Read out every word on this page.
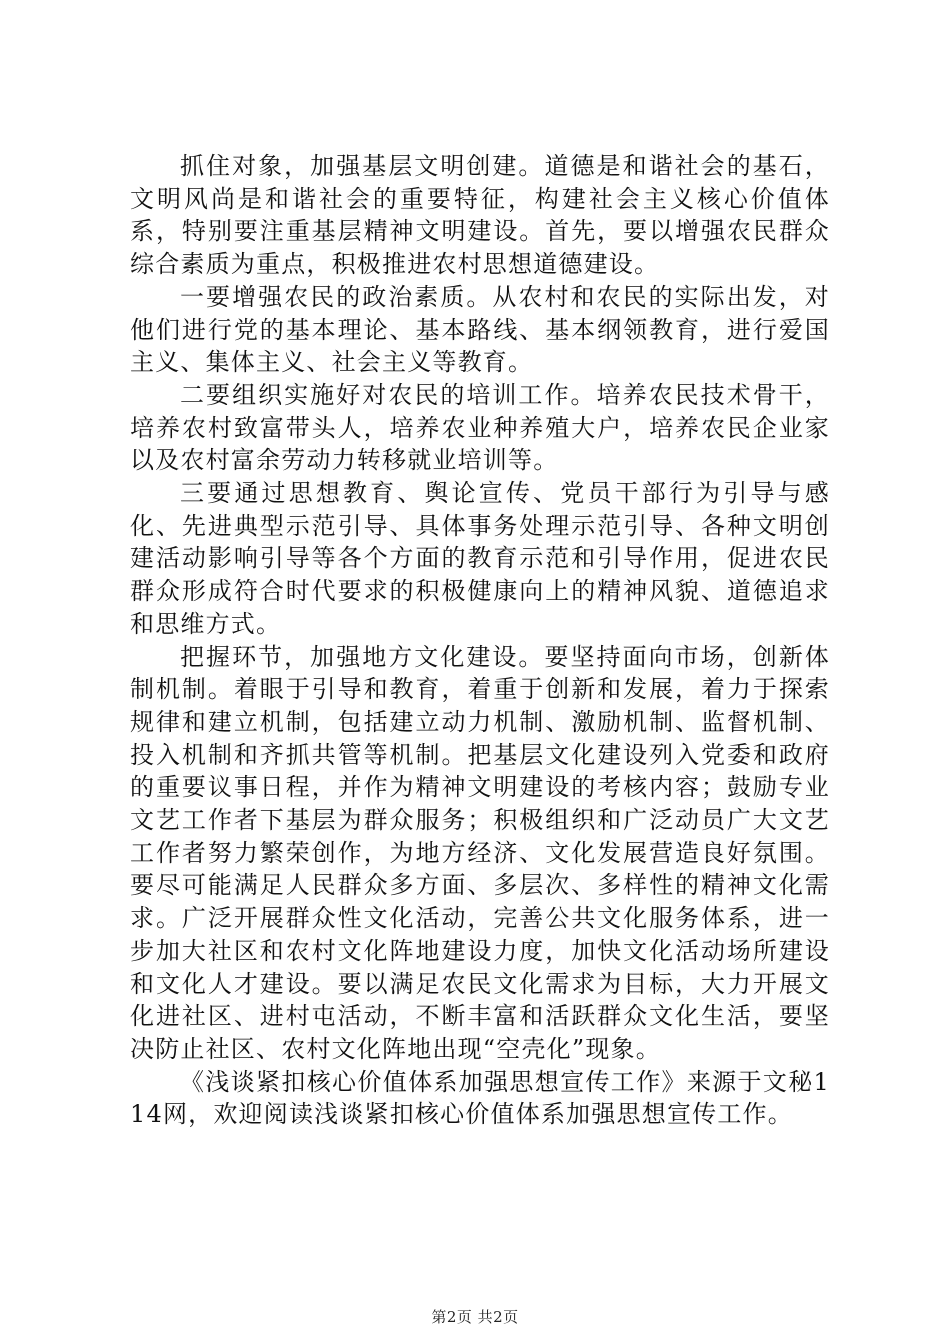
抓住对象，加强基层文明创建。道德是和谐社会的基石，文明风尚是和谐社会的重要特征，构建社会主义核心价值体系，特别要注重基层精神文明建设。首先，要以增强农民群众综合素质为重点，积极推进农村思想道德建设。

一要增强农民的政治素质。从农村和农民的实际出发，对他们进行党的基本理论、基本路线、基本纲领教育，进行爱国主义、集体主义、社会主义等教育。

二要组织实施好对农民的培训工作。培养农民技术骨干，培养农村致富带头人，培养农业种养殖大户，培养农民企业家以及农村富余劳动力转移就业培训等。

三要通过思想教育、舆论宣传、党员干部行为引导与感化、先进典型示范引导、具体事务处理示范引导、各种文明创建活动影响引导等各个方面的教育示范和引导作用，促进农民群众形成符合时代要求的积极健康向上的精神风貌、道德追求和思维方式。

把握环节，加强地方文化建设。要坚持面向市场，创新体制机制。着眼于引导和教育，着重于创新和发展，着力于探索规律和建立机制，包括建立动力机制、激励机制、监督机制、投入机制和齐抓共管等机制。把基层文化建设列入党委和政府的重要议事日程，并作为精神文明建设的考核内容；鼓励专业文艺工作者下基层为群众服务；积极组织和广泛动员广大文艺工作者努力繁荣创作，为地方经济、文化发展营造良好氛围。要尽可能满足人民群众多方面、多层次、多样性的精神文化需求。广泛开展群众性文化活动，完善公共文化服务体系，进一步加大社区和农村文化阵地建设力度，加快文化活动场所建设和文化人才建设。要以满足农民文化需求为目标，大力开展文化进社区、进村屯活动，不断丰富和活跃群众文化生活，要坚决防止社区、农村文化阵地出现“空壳化”现象。

《浅谈紧扣核心价值体系加强思想宣传工作》来源于文秘114网，欢迎阅读浅谈紧扣核心价值体系加强思想宣传工作。

第2页 共2页
